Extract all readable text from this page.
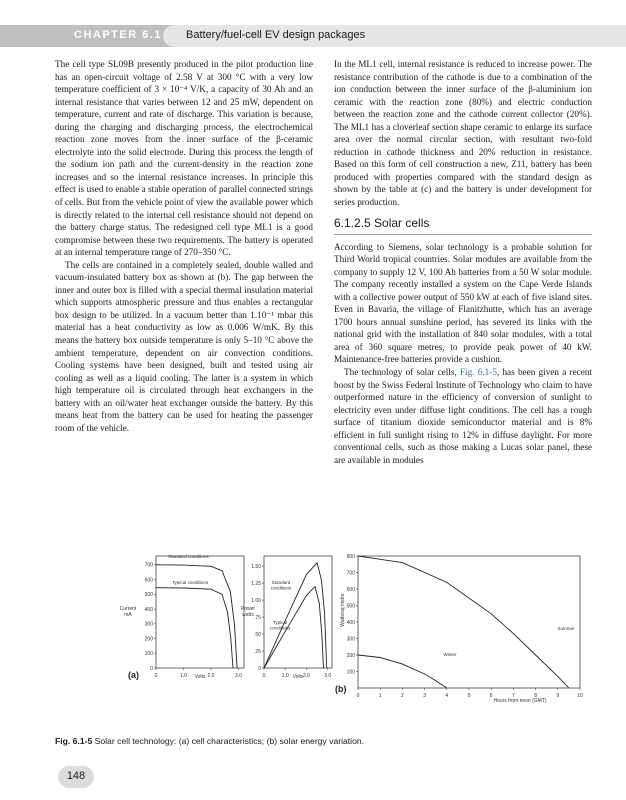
CHAPTER 6.1 Battery/fuel-cell EV design packages

The cell type SL09B presently produced in the pilot production line has an open-circuit voltage of 2.58 V at 300 °C with a very low temperature coefficient of 3 × 10⁻⁴ V/K, a capacity of 30 Ah and an internal resistance that varies between 12 and 25 mW, dependent on temperature, current and rate of discharge. This variation is because, during the charging and discharging process, the electrochemical reaction zone moves from the inner surface of the β-ceramic electrolyte into the solid electrode. During this process the length of the sodium ion path and the current-density in the reaction zone increases and so the internal resistance increases. In principle this effect is used to enable a stable operation of parallel connected strings of cells. But from the vehicle point of view the available power which is directly related to the internal cell resistance should not depend on the battery charge status. The redesigned cell type ML1 is a good compromise between these two requirements. The battery is operated at an internal temperature range of 270–350 °C.

The cells are contained in a completely sealed, double walled and vacuum-insulated battery box as shown at (b). The gap between the inner and outer box is filled with a special thermal insulation material which supports atmospheric pressure and thus enables a rectangular box design to be utilized. In a vacuum better than 1.10⁻¹ mbar this material has a heat conductivity as low as 0.006 W/mK. By this means the battery box outside temperature is only 5–10 °C above the ambient temperature, dependent on air convection conditions. Cooling systems have been designed, built and tested using air cooling as well as a liquid cooling. The latter is a system in which high temperature oil is circulated through heat exchangers in the battery with an oil/water heat exchanger outside the battery. By this means heat from the battery can be used for heating the passenger room of the vehicle.

In the ML1 cell, internal resistance is reduced to increase power. The resistance contribution of the cathode is due to a combination of the ion conduction between the inner surface of the β-aluminium ion ceramic with the reaction zone (80%) and electric conduction between the reaction zone and the cathode current collector (20%). The ML1 has a cloverleaf section shape ceramic to enlarge its surface area over the normal circular section, with resultant two-fold reduction in cathode thickness and 20% reduction in resistance. Based on this form of cell construction a new, Z11, battery has been produced with properties compared with the standard design as shown by the table at (c) and the battery is under development for series production.

6.1.2.5 Solar cells

According to Siemens, solar technology is a probable solution for Third World tropical countries. Solar modules are available from the company to supply 12 V, 100 Ah batteries from a 50 W solar module. The company recently installed a system on the Cape Verde Islands with a collective power output of 550 kW at each of five island sites. Even in Bavaria, the village of Flanitzhutte, which has an average 1700 hours annual sunshine period, has severed its links with the national grid with the installation of 840 solar modules, with a total area of 360 square metres, to provide peak power of 40 kW. Maintenance-free batteries provide a cushion.

The technology of solar cells, Fig. 6.1-5, has been given a recent boost by the Swiss Federal Institute of Technology who claim to have outperformed nature in the efficiency of conversion of sunlight to electricity even under diffuse light conditions. The cell has a rough surface of titanium dioxide semiconductor material and is 8% efficient in full sunlight rising to 12% in diffuse daylight. For more conventional cells, such as those making a Lucas solar panel, these are available in modules

0	1.0	2.0	3.0
0
100
200
300
400
500
600
700
Volts
Current mA
Standard conditions
Typical conditions
0	1.0	2.0	3.0
0
.25
.50
.75
1.00
1.25
1.50
Volts
Power watts
Standard conditions
Typical conditions
0	1	2	3	4	5	6	7	8	9	10
100
200
300
400
500
600
700
800
Hours from noon (GMT)
Watts/sq metre
Summer
Winter
(a)
(b)
Fig. 6.1-5 Solar cell technology: (a) cell characteristics; (b) solar energy variation.
148
